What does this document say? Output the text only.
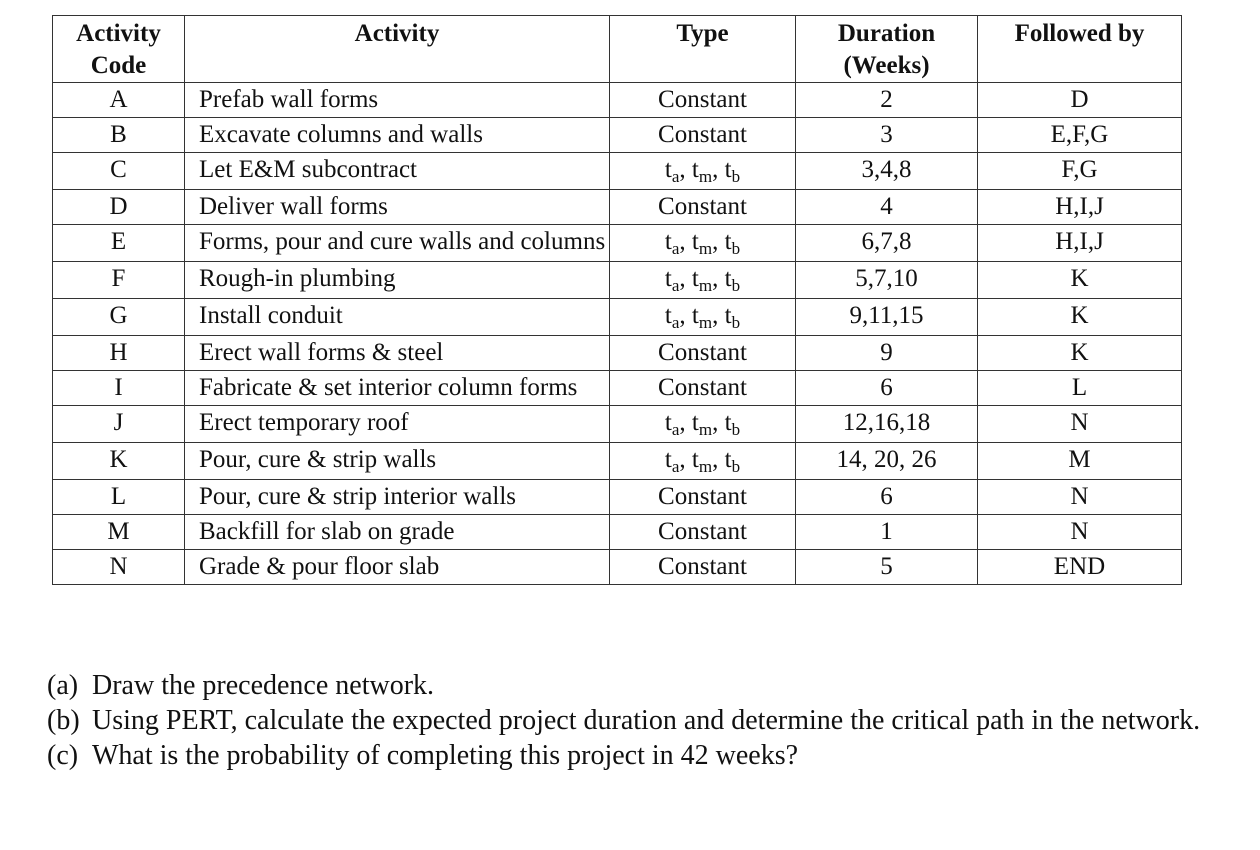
Activity Code	Activity	Type	Duration (Weeks)	Followed by
A	Prefab wall forms	Constant	2	D
B	Excavate columns and walls	Constant	3	E,F,G
C	Let E&M subcontract	$t_a$, $t_m$, $t_b$	3,4,8	F,G
D	Deliver wall forms	Constant	4	H,I,J
E	Forms, pour and cure walls and columns	$t_a$, $t_m$, $t_b$	6,7,8	H,I,J
F	Rough-in plumbing	$t_a$, $t_m$, $t_b$	5,7,10	K
G	Install conduit	$t_a$, $t_m$, $t_b$	9,11,15	K
H	Erect wall forms & steel	Constant	9	K
I	Fabricate & set interior column forms	Constant	6	L
J	Erect temporary roof	$t_a$, $t_m$, $t_b$	12,16,18	N
K	Pour, cure & strip walls	$t_a$, $t_m$, $t_b$	14, 20, 26	M
L	Pour, cure & strip interior walls	Constant	6	N
M	Backfill for slab on grade	Constant	1	N
N	Grade & pour floor slab	Constant	5	END
(a) Draw the precedence network.
(b) Using PERT, calculate the expected project duration and determine the critical path in the network.
(c) What is the probability of completing this project in 42 weeks?
